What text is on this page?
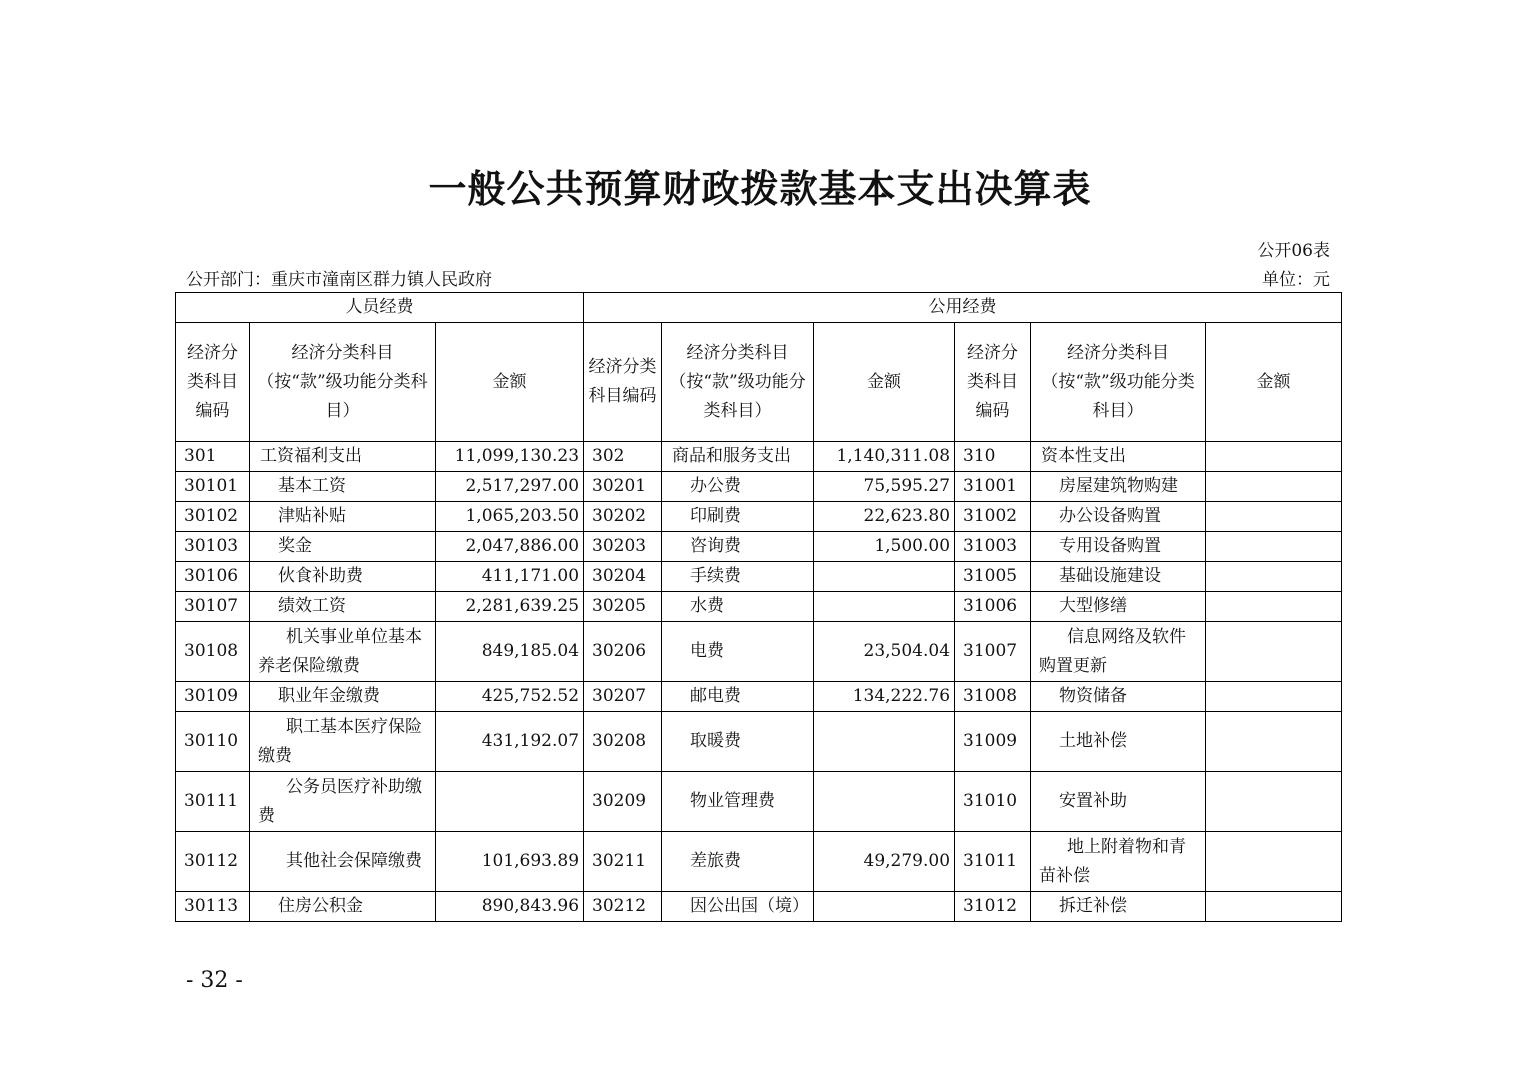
一般公共预算财政拨款基本支出决算表
公开06表
公开部门：重庆市潼南区群力镇人民政府	单位：元
人员经费			公用经费					
经济分类科目编码	经济分类科目（按“款”级功能分类科目）	金额	经济分类科目编码	经济分类科目（按“款”级功能分类科目）	金额	经济分类科目编码	经济分类科目（按“款”级功能分类科目）	金额
301	工资福利支出	11,099,130.23	302	商品和服务支出	1,140,311.08	310	资本性支出	
30101	基本工资	2,517,297.00	30201	办公费	75,595.27	31001	房屋建筑物购建	
30102	津贴补贴	1,065,203.50	30202	印刷费	22,623.80	31002	办公设备购置	
30103	奖金	2,047,886.00	30203	咨询费	1,500.00	31003	专用设备购置	
30106	伙食补助费	411,171.00	30204	手续费		31005	基础设施建设	
30107	绩效工资	2,281,639.25	30205	水费		31006	大型修缮	
30108	机关事业单位基本养老保险缴费	849,185.04	30206	电费	23,504.04	31007	信息网络及软件购置更新	
30109	职业年金缴费	425,752.52	30207	邮电费	134,222.76	31008	物资储备	
30110	职工基本医疗保险缴费	431,192.07	30208	取暖费		31009	土地补偿	
30111	公务员医疗补助缴费		30209	物业管理费		31010	安置补助	
30112	其他社会保障缴费	101,693.89	30211	差旅费	49,279.00	31011	地上附着物和青苗补偿	
30113	住房公积金	890,843.96	30212	因公出国（境）		31012	拆迁补偿	
- 32 -
